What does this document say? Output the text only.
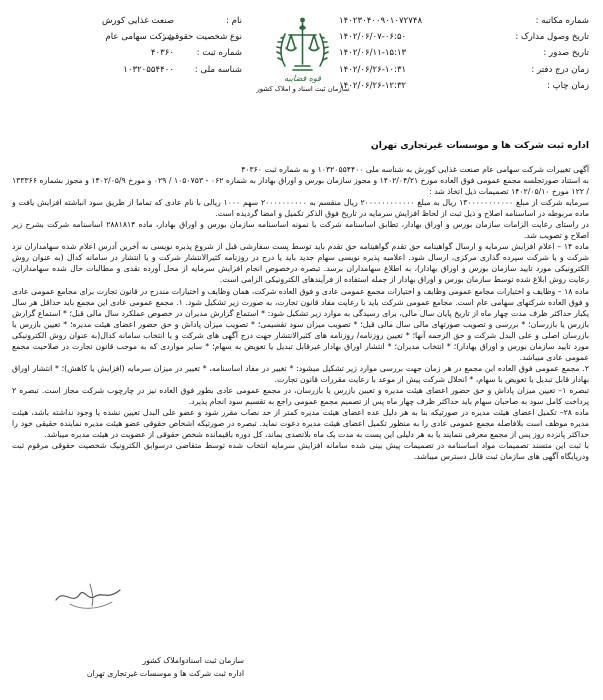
شماره مکاتبه :
۱۴۰۲۳۰۴۰۰۹۰۱۰۷۲۷۴۸
تاریخ وصول مدارک :
۱۴۰۲/۰۶/۰۷-۰۶:۵۰
تاریخ صدور :
۱۴۰۲/۰۶/۱۱-۱۵:۱۳
زمان درج دفتر :
۱۴۰۲/۰۶/۲۶-۱۰:۳۱
زمان چاپ :
۱۴۰۲/۰۶/۲۶-۱۲:۳۲
قوه قضاییه
سازمان ثبت اسناد و املاک کشور
نام :
صنعت غذایی کورش
نوع شخصیت حقوقی :
شرکت سهامی عام
شماره ثبت :
۴۰۳۶۰
شناسه ملی :
۱۰۳۲۰۵۵۴۴۰۰
اداره ثبت شرکت ها و موسسات غیرتجاری تهران

آگهی تغییرات شرکت سهامی عام صنعت غذایی کورش به شناسه ملی ۱۰۳۲۰۵۵۴۴۰۰ و به شماره ثبت ۴۰۳۶۰

به استناد صورتجلسه مجمع عمومی فوق العاده مورخ ۱۴۰۲/۰۴/۲۱ و مجوز سازمان بورس و اوراق بهادار به شماره ۰۶۲ - ۱۰۵۰۷۵۳ / ۰۲۹ و مورخ ۱۴۰۲/۰۵/۹ و مجوز بشماره ۱۳۳۳۶۶ / ۱۲۲ مورخ ۱۴۰۲/۰۵/۱۰ تصمیمات ذیل اتخاذ شد :

سرمایه شرکت از مبلغ ۱۳۰۰۰۰۰۰۰۰۰۰۰ ریال به مبلغ ۲۰۰۰۰۰۰۰۰۰۰۰۰ ریال منقسم به ۲۰۰۰۰۰۰۰۰۰۰ سهم ۱۰۰۰ ریالی با نام عادی که تماما از طریق سود انباشته افزایش یافت و ماده مربوطه در اساسنامه اصلاح و ذیل ثبت از لحاظ افزایش سرمایه در تاریخ فوق الذکر تکمیل و امضا گردیده است.

در راستای رعایت الزامات سازمان بورس و اوراق بهادار، تطابق اساسنامه شرکت با نمونه اساسنامه سازمان بورس و اوراق بهادار، ماده ۲۸۸۱۸۱۴ اساسنامه شرکت بشرح زیر اصلاح و تصویب شد.

ماده ۱۴ – اعلام افزایش سرمایه و ارسال گواهینامه حق تقدم گواهینامه حق تقدم باید توسط پست سفارشی قبل از شروع پذیره نویسی به آخرین آدرس اعلام شده سهامداران نزد شرکت و یا شرکت سپرده گذاری مرکزی، ارسال شود. اعلامیه پذیره نویسی سهام جدید باید یا درج در روزنامه کثیرالانتشار شرکت و یا انتشار در سامانه کدال (به عنوان روش الکترونیکی مورد تایید سازمان بورس و اوراق بهادار)، به اطلاع سهامداران برسد. تبصره درخصوص انجام افزایش سرمایه از محل آورده نقدی و مطالبات حال شده سهامداران، رعایت روش ابلاغ شده توسط سازمان بورس و اوراق بهادار از جمله استفاده از فرآیندهای الکترونیکی الزامی است.

ماده ۱۸ – وظایف و اختیارات مجامع عمومی وظایف و اختیارات مجمع عمومی عادی و فوق العاده شرکت، همان وظایف و اختیارات مندرج در قانون تجارت برای مجامع عمومی عادی و فوق العاده شرکتهای سهامی عام است. مجامع عمومی شرکت باید با رعایت مفاد قانون تجارت، به صورت زیر تشکیل شود. ۱. مجمع عمومی عادی این مجمع باید حداقل هر سال یکبار حداکثر ظرف مدت چهار ماه از تاریخ پایان سال مالی، برای رسیدگی به موارد زیر تشکیل شود: * استماع گزارش مدیران در خصوص عملکرد سال مالی قبل؛ * استماع گزارش بازرس یا بازرسان؛ * بررسی و تصویب صورتهای مالی سال مالی قبل؛ * تصویب میزان سود تقسیمی؛ * تصویب میزان پاداش و حق حضور اعضای هیئت مدیره؛ * تعیین بازرس یا بازرسان اصلی و علی البدل شرکت و حق الزحمه آنها؛ * تعیین روزنامه/ روزنامه های کثیرالانتشار جهت درج آگهی های شرکت و یا انتخاب سامانه کدال(به عنوان روش الکترونیکی مورد تایید سازمان بورس و اوراق بهادار)؛ * انتخاب مدیران؛ * انتشار اوراق بهادار غیرقابل تبدیل یا تعویض به سهام؛ * سایر مواردی که به موجب قانون تجارت در صلاحیت مجمع عمومی عادی میباشد.

۲. مجمع عمومی فوق العاده این مجمع در هر زمان جهت بررسی موارد زیر تشکیل میشود: * تغییر در مفاد اساسنامه، * تغییر در میزان سرمایه (افزایش یا کاهش)؛ * انتشار اوراق بهادار قابل تبدیل یا تعویض با سهام، * انحلال شرکت پیش از موعد با رعایت مقررات قانون تجارت.

تبصره ۱– تعیین میزان پاداش و حق حضور اعضای هیئت مدیره و تعیین بازرس یا بازرسان، در مجمع عمومی عادی بطور فوق العاده نیز در چارچوب شرکت مجاز است. تبصره ۲ پرداخت کامل سود به صاحبان سهام باید حداکثر ظرف چهار ماه پس از تصمیم مجمع عمومی راجع به تقسیم سود انجام پذیرد.

ماده ۲۸– تکمیل اعضای هیئت مدیره در صورتیکه بنا به هر دلیل عده اعضای هیئت مدیره کمتر از حد نصاب مقرر شود و عضو علی البدل تعیین نشده یا وجود نداشته باشد، هیئت مدیره موظف است بلافاصله مجمع عمومی عادی را به منظور تکمیل اعضای هیئت مدیره دعوت نماید. تبصره در صورتیکه اشخاص حقوقی عضو هیئت مدیره نماینده حقیقی خود را حداکثر پانزده روز پس از مجمع معرفی ننمایند یا به هر دلیلی این پست به مدت یک ماه بلاتصدی بماند، کل دوره باقیمانده شخص حقوقی از عضویت در هیئت مدیره میباشد.

با ثبت این متسند تصمیمات مواد اساسنامه در تصمیمات پیش بینی شده سامانه افزایش سرمایه انتخاب شده توسط متقاضی درسوابق الکترونیک شخصیت حقوقی مرقوم ثبت ودرپایگاه آگهی های سازمان ثبت قابل دسترس میباشد.

سازمان ثبت اسنادواملاک کشور
اداره ثبت شرکت ها و موسسات غیرتجاری تهران
